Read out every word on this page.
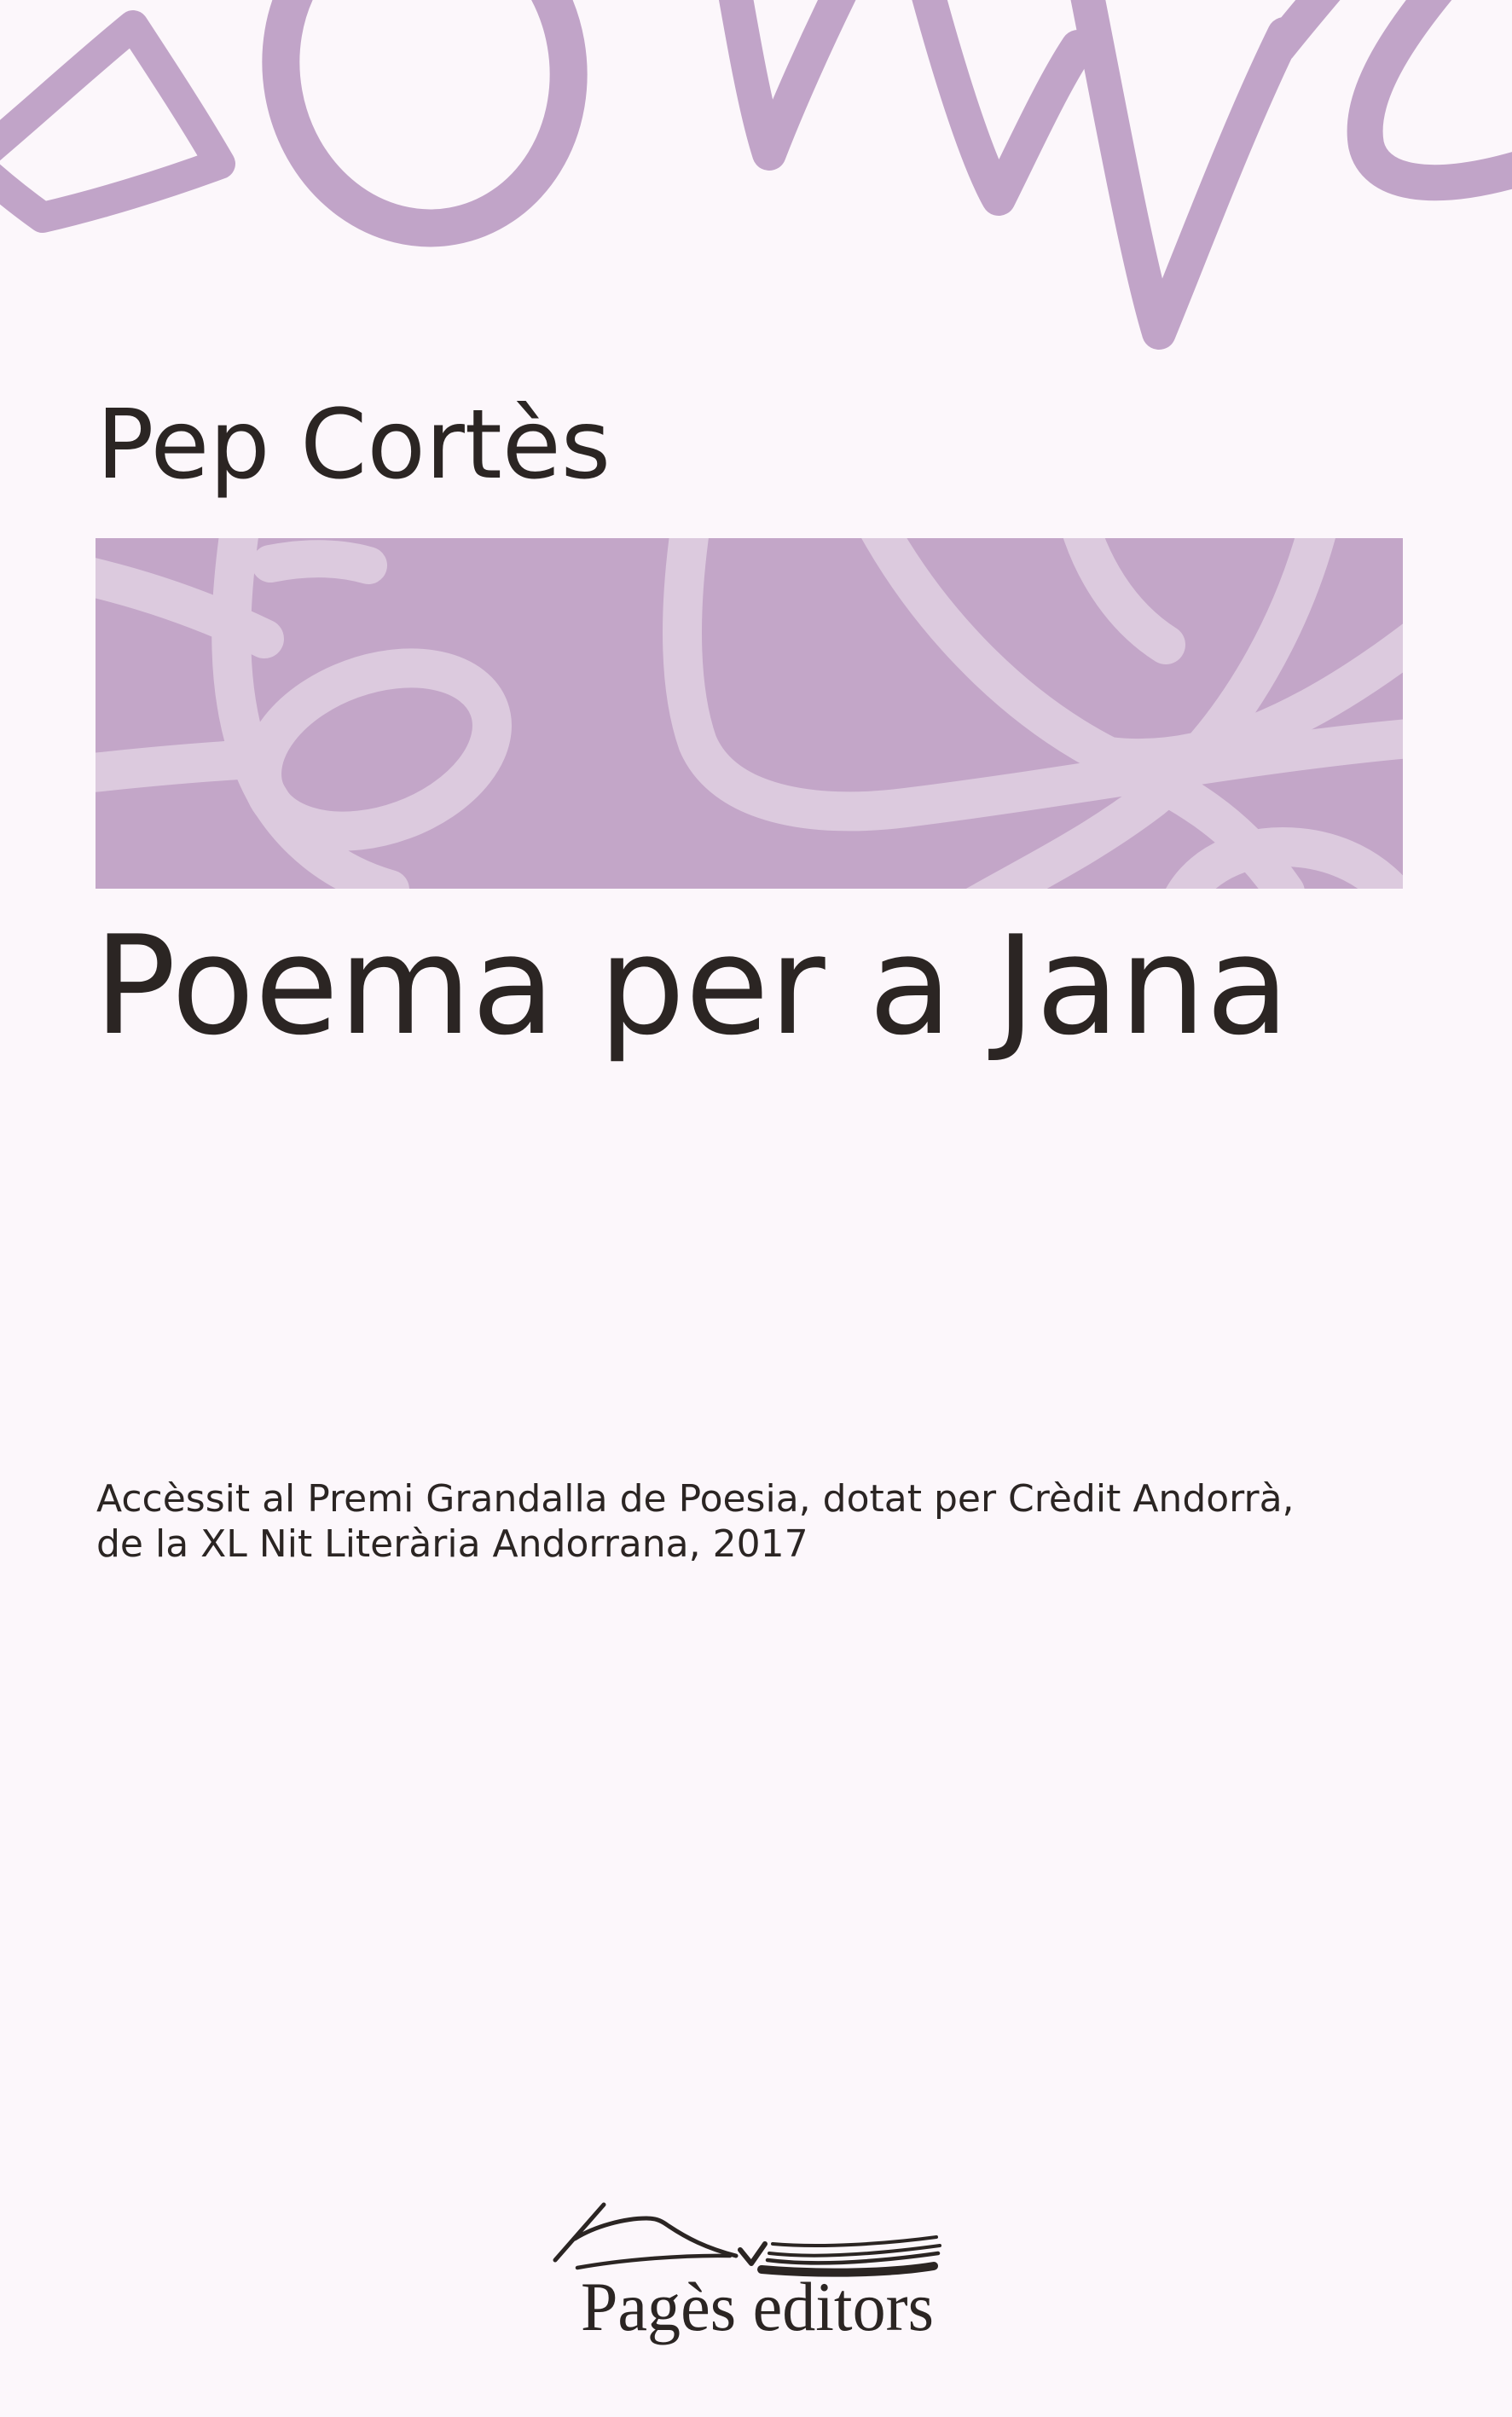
Pep Cortès
Poema per a Jana

Accèssit al Premi Grandalla de Poesia, dotat per Crèdit Andorrà,
de la XL Nit Literària Andorrana, 2017

Pagès editors
